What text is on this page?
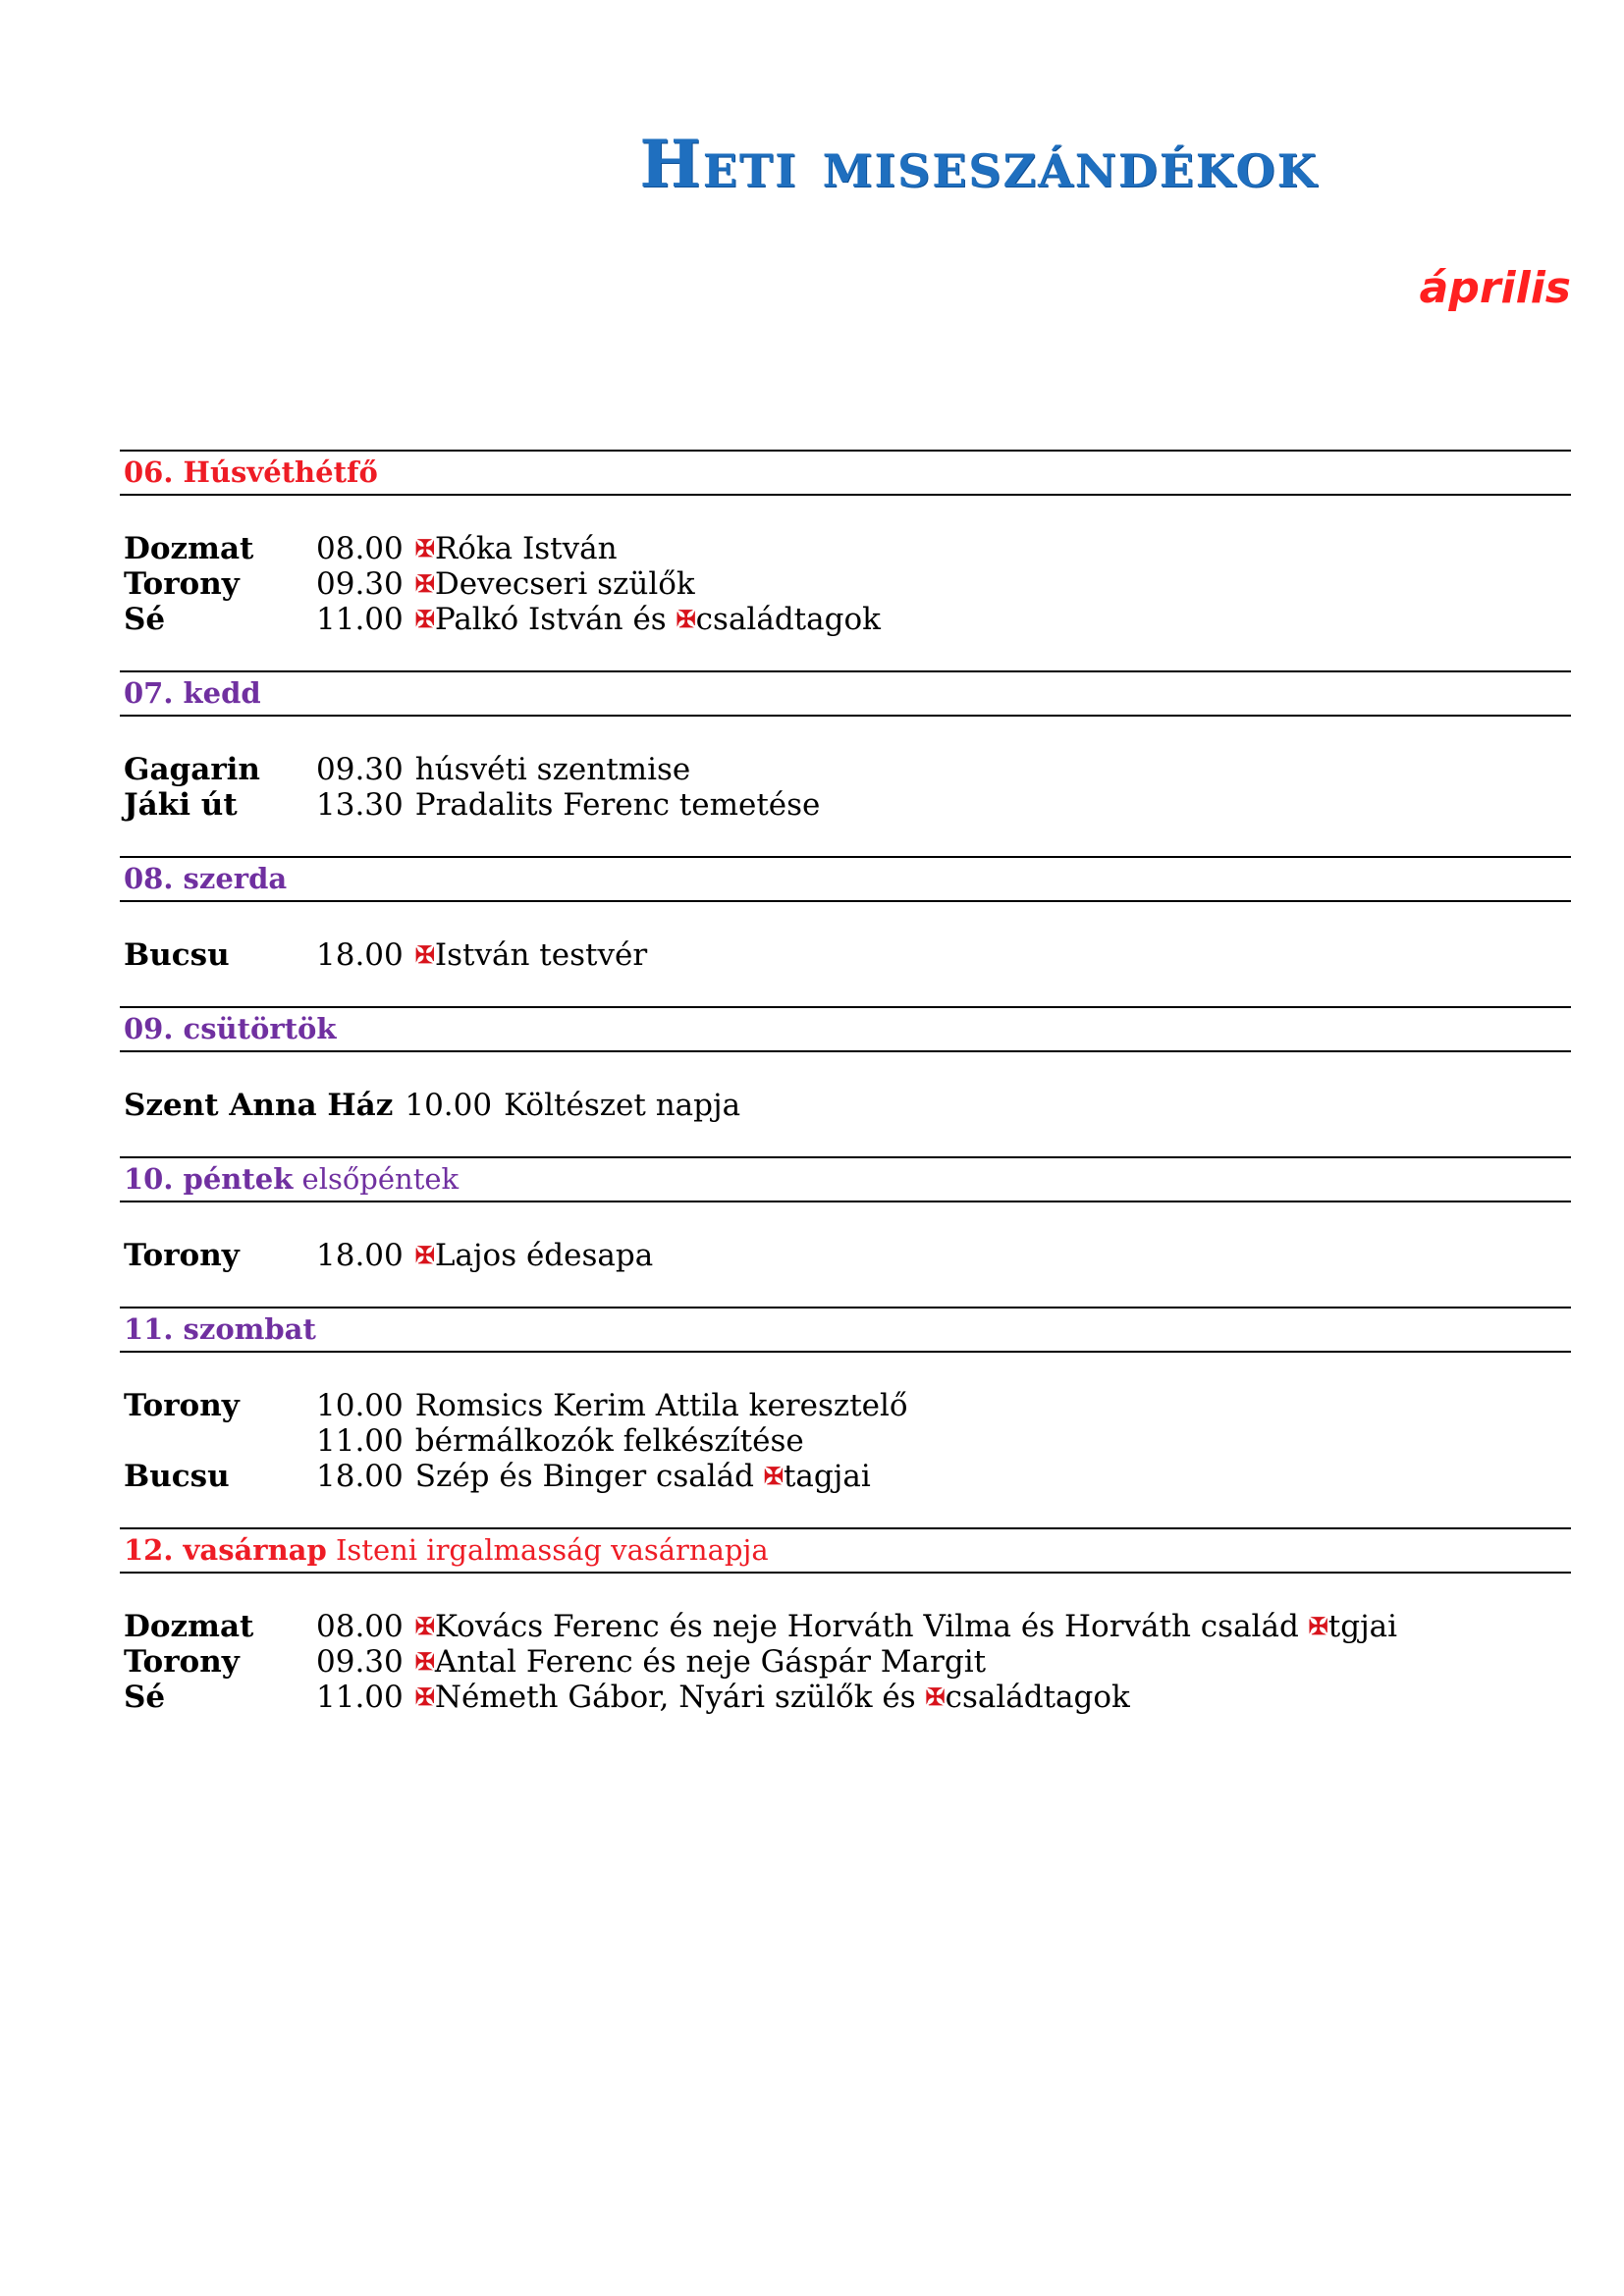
Heti miseszándékok
április
06. Húsvéthétfő
Dozmat	08.00 ✠Róka István
Torony	09.30 ✠Devecseri szülők
Sé	11.00 ✠Palkó István és ✠családtagok
07. kedd
Gagarin	09.30 húsvéti szentmise
Jáki út	13.30 Pradalits Ferenc temetése
08. szerda
Bucsu	18.00 ✠István testvér
09. csütörtök
Szent Anna Ház 10.00 Költészet napja
10. péntek elsőpéntek
Torony	18.00 ✠Lajos édesapa
11. szombat
Torony	10.00 Romsics Kerim Attila keresztelő
11.00 bérmálkozók felkészítése
Bucsu	18.00 Szép és Binger család ✠tagjai
12. vasárnap Isteni irgalmasság vasárnapja
Dozmat	08.00 ✠Kovács Ferenc és neje Horváth Vilma és Horváth család ✠tgjai
Torony	09.30 ✠Antal Ferenc és neje Gáspár Margit
Sé	11.00 ✠Németh Gábor, Nyári szülők és ✠családtagok
